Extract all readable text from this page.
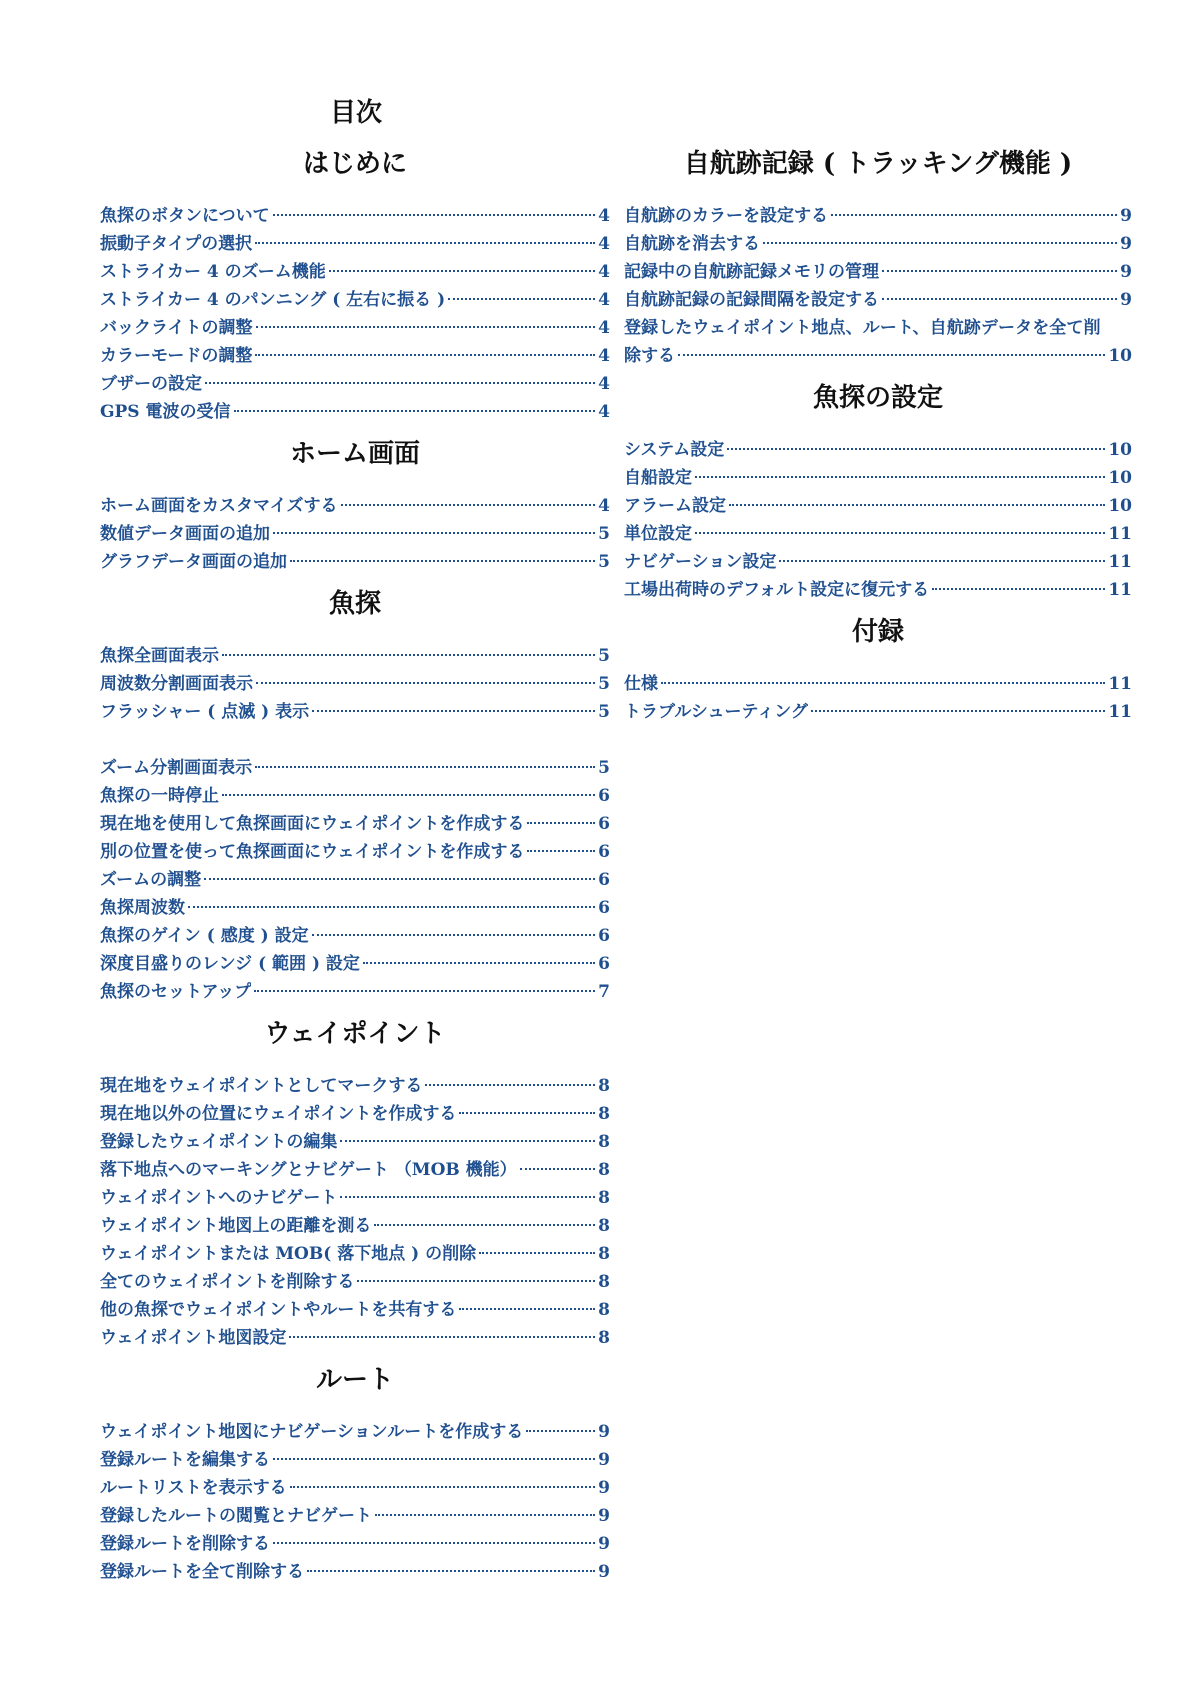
目次
はじめに
魚探のボタンについて	4
振動子タイプの選択	4
ストライカー 4 のズーム機能	4
ストライカー 4 のパンニング ( 左右に振る )	4
バックライトの調整	4
カラーモードの調整	4
ブザーの設定	4
GPS 電波の受信	4
ホーム画面
ホーム画面をカスタマイズする	4
数値データ画面の追加	5
グラフデータ画面の追加	5
魚探
魚探全画面表示	5
周波数分割画面表示	5
フラッシャー ( 点滅 ) 表示	5
ズーム分割画面表示	5
魚探の一時停止	6
現在地を使用して魚探画面にウェイポイントを作成する	6
別の位置を使って魚探画面にウェイポイントを作成する	6
ズームの調整	6
魚探周波数	6
魚探のゲイン ( 感度 ) 設定	6
深度目盛りのレンジ ( 範囲 ) 設定	6
魚探のセットアップ	7
ウェイポイント
現在地をウェイポイントとしてマークする	8
現在地以外の位置にウェイポイントを作成する	8
登録したウェイポイントの編集	8
落下地点へのマーキングとナビゲート （MOB 機能）	8
ウェイポイントへのナビゲート	8
ウェイポイント地図上の距離を測る	8
ウェイポイントまたは MOB( 落下地点 ) の削除	8
全てのウェイポイントを削除する	8
他の魚探でウェイポイントやルートを共有する	8
ウェイポイント地図設定	8
ルート
ウェイポイント地図にナビゲーションルートを作成する	9
登録ルートを編集する	9
ルートリストを表示する	9
登録したルートの閲覧とナビゲート	9
登録ルートを削除する	9
登録ルートを全て削除する	9
自航跡記録 ( トラッキング機能 )
自航跡のカラーを設定する	9
自航跡を消去する	9
記録中の自航跡記録メモリの管理	9
自航跡記録の記録間隔を設定する	9
登録したウェイポイント地点、ルート、自航跡データを全て削
除する	10
魚探の設定
システム設定	10
自船設定	10
アラーム設定	10
単位設定	11
ナビゲーション設定	11
工場出荷時のデフォルト設定に復元する	11
付録
仕様	11
トラブルシューティング	11
